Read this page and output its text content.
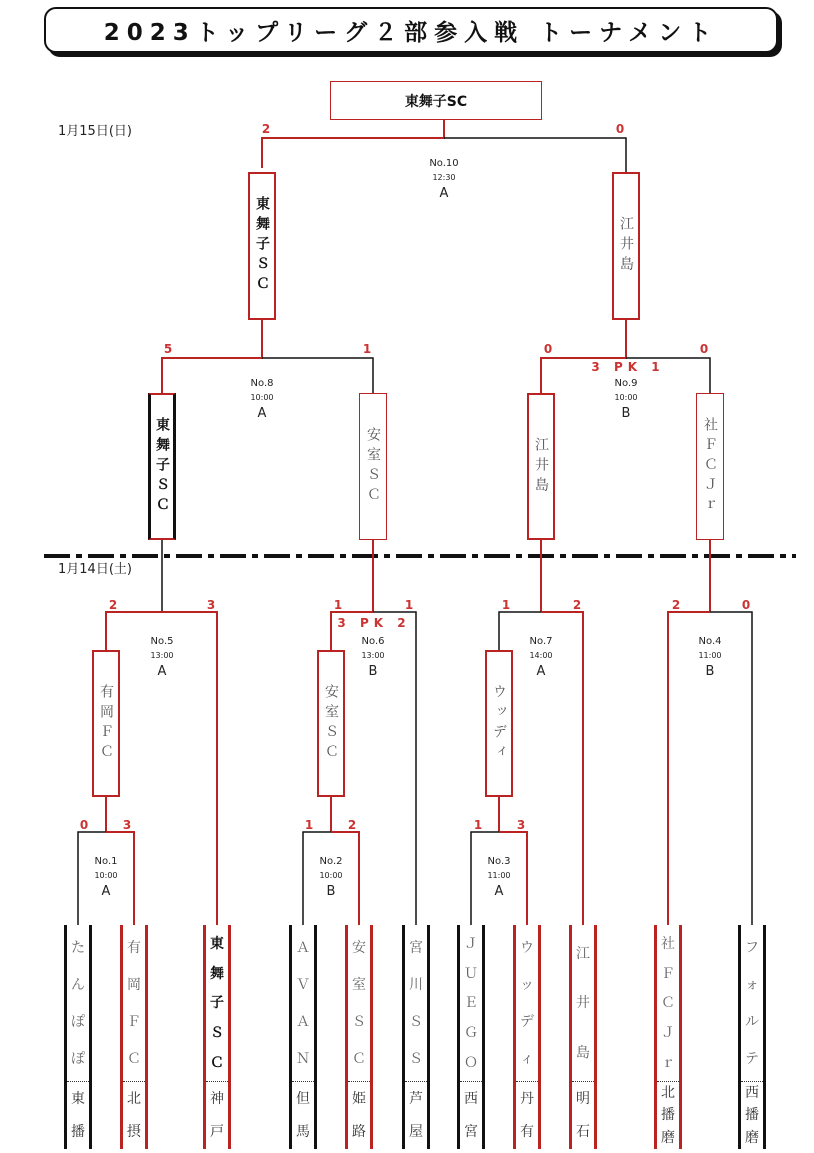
2023トップリーグ２部参入戦 トーナメント
1月15日(日)
1月14日(土)
東舞子SC
東舞子ＳＣ	江井島
東舞子ＳＣ	安室ＳＣ	江井島	社ＦＣＪｒ
有岡ＦＣ	安室ＳＣ	ウッディ
2	0
5	1	0	0
3 PK 1
2	3	1	1
3 PK 2
1	2	2	0
0	3	1	2	1	3
No.10
12:30
A
No.8
10:00
A
No.9
10:00
B
No.5
13:00
A
No.6
13:00
B
No.7
14:00
A
No.4
11:00
B
No.1
10:00
A
No.2
10:00
B
No.3
11:00
A
た
ん
ぽ
ぽ
東
播
有
岡
Ｆ
Ｃ
北
摂
東
舞
子
Ｓ
Ｃ
神
戸
Ａ
Ｖ
Ａ
Ｎ
但
馬
安
室
Ｓ
Ｃ
姫
路
宮
川
Ｓ
Ｓ
芦
屋
Ｊ
Ｕ
Ｅ
Ｇ
Ｏ
西
宮
ウ
ッ
デ
ィ
丹
有
江
井
島
明
石
社
Ｆ
Ｃ
Ｊ
ｒ
北
播
磨
フ
ォ
ル
テ
西
播
磨
